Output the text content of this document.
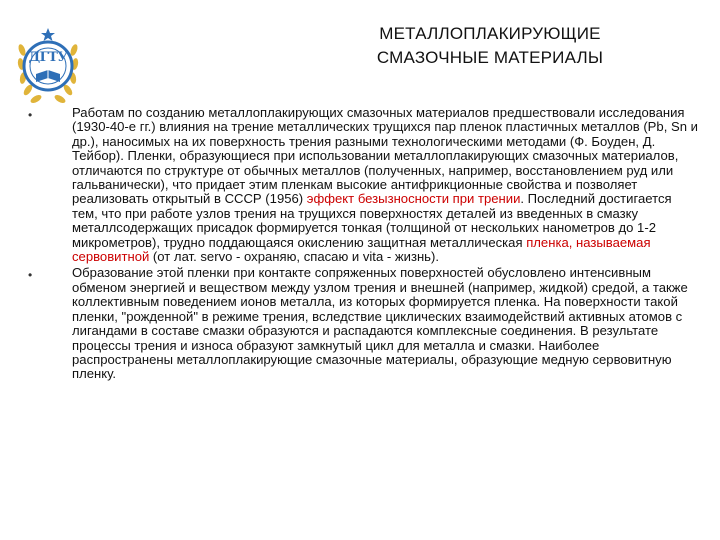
ДГТУ
МЕТАЛЛОПЛАКИРУЮЩИЕ
СМАЗОЧНЫЕ МАТЕРИАЛЫ
•	Работам по созданию металлоплакирующих смазочных материалов предшествовали исследования (1930-40-е гг.) влияния на трение металлических трущихся пар пленок пластичных металлов (Pb, Sn и др.), наносимых на их поверхность трения разными технологическими методами (Ф. Боуден, Д. Тейбор). Пленки, образующиеся при использовании металлоплакирующих смазочных материалов, отличаются по структуре от обычных металлов (полученных, например, восстановлением руд или гальванически), что придает этим пленкам высокие антифрикционные свойства и позволяет реализовать открытый в СССР (1956) эффект безызносности при трении. Последний достигается тем, что при работе узлов трения на трущихся поверхностях деталей из введенных в смазку металлсодержащих присадок формируется тонкая (толщиной от нескольких нанометров до 1-2 микрометров), трудно поддающаяся окислению защитная металлическая пленка, называемая сервовитной (от лат. servo - охраняю, спасаю и vita - жизнь).
•	Образование этой пленки при контакте сопряженных поверхностей обусловлено интенсивным обменом энергией и веществом между узлом трения и внешней (например, жидкой) средой, а также коллективным поведением ионов металла, из которых формируется пленка. На поверхности такой пленки, "рожденной" в режиме трения, вследствие циклических взаимодействий активных атомов с лигандами в составе смазки образуются и распадаются комплексные соединения. В результате процессы трения и износа образуют замкнутый цикл для металла и смазки. Наиболее распространены металлоплакирующие смазочные материалы, образующие медную сервовитную пленку.
